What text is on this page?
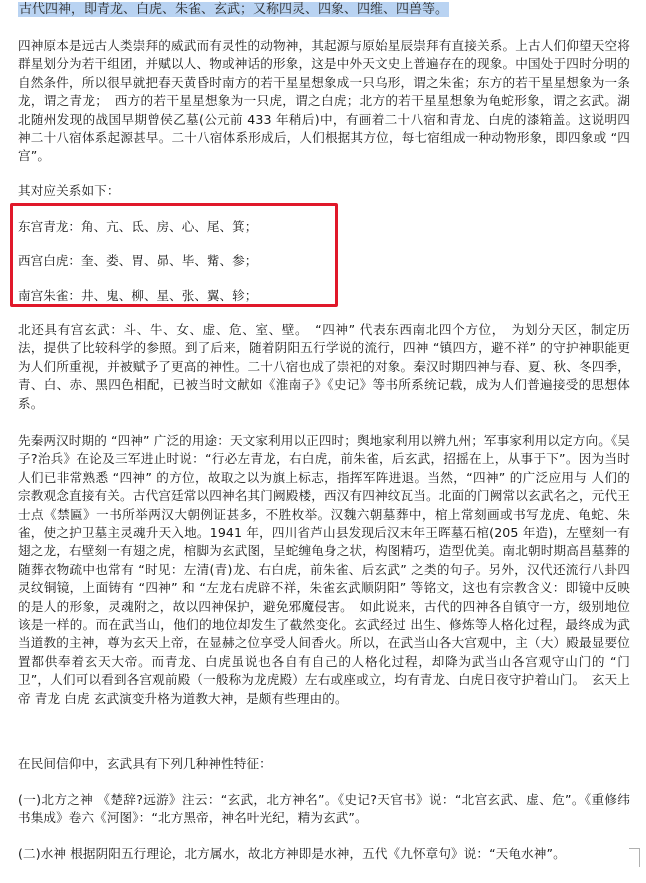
古代四神，即青龙、白虎、朱雀、玄武；又称四灵、四象、四维、四兽等。

四神原本是远古人类崇拜的威武而有灵性的动物神，其起源与原始星辰崇拜有直接关系。上古人们仰望天空将群星划分为若干组团，并赋以人、物或神话的形象，这是中外天文史上普遍存在的现象。中国处于四时分明的自然条件，所以很早就把春天黄昏时南方的若干星星想象成一只乌形，谓之朱雀；东方的若干星星想象为一条龙，谓之青龙；　西方的若干星星想象为一只虎，谓之白虎；北方的若干星星想象为龟蛇形象，谓之玄武。湖北随州发现的战国早期曾侯乙墓(公元前 433 年稍后)中，有画着二十八宿和青龙、白虎的漆箱盖。这说明四神二十八宿体系起源甚早。二十八宿体系形成后，人们根据其方位，每七宿组成一种动物形象，即四象或 “四宫”。

其对应关系如下：

东宫青龙：角、亢、氐、房、心、尾、箕；
西宫白虎：奎、娄、胃、昴、毕、觜、参；
南宫朱雀：井、鬼、柳、星、张、翼、轸；

北还具有宫玄武：斗、牛、女、虚、危、室、壁。　“四神” 代表东西南北四个方位，　为划分天区，制定历法，提供了比较科学的参照。到了后来，随着阴阳五行学说的流行，四神 “镇四方，避不祥” 的守护神职能更为人们所重视，并被赋予了更高的神性。二十八宿也成了崇祀的对象。秦汉时期四神与春、夏、秋、冬四季，青、白、赤、黑四色相配，已被当时文献如《淮南子》《史记》等书所系统记载，成为人们普遍接受的思想体系。

先秦两汉时期的 “四神” 广泛的用途：天文家利用以正四时；舆地家利用以辨九州；军事家利用以定方向。《吴子?治兵》在论及三军进止时说：“行必左青龙，右白虎，前朱雀，后玄武，招摇在上，从事于下”。因为当时人们已非常熟悉 “四神” 的方位，故取之以为旗上标志，指挥军阵进退。当然，“四神” 的广泛应用与 人们的宗教观念直接有关。古代宫廷常以四神名其门阙殿楼，西汉有四神纹瓦当。北面的门阙常以玄武名之，元代王士点《禁匾》一书所举两汉大朝例证甚多，不胜枚举。汉魏六朝墓葬中，棺上常刻画或书写龙虎、龟蛇、朱雀，使之护卫墓主灵魂升天入地。1941 年，四川省芦山县发现后汉末年王晖墓石棺(205 年造)，左壁刻一有翅之龙，右壁刻一有翅之虎，棺脚为玄武图，呈蛇缠龟身之状，构图精巧，造型优美。南北朝时期高昌墓葬的随葬衣物疏中也常有 “时见：左清(青)龙、右白虎，前朱雀、后玄武” 之类的句子。另外，汉代还流行八卦四灵纹铜镜，上面铸有 “四神” 和 “左龙右虎辟不祥，朱雀玄武顺阴阳” 等铭文，这也有宗教含义：即镜中反映的是人的形象，灵魂附之，故以四神保护，避免邪魔侵害。　如此说来，古代的四神各自镇守一方，级别地位该是一样的。而在武当山，他们的地位却发生了截然变化。玄武经过 出生、修炼等人格化过程，最终成为武当道教的主神，尊为玄天上帝，在显赫之位享受人间香火。所以，在武当山各大宫观中，主（大）殿最显要位置都供奉着玄天大帝。而青龙、白虎虽说也各自有自己的人格化过程，却降为武当山各宫观守山门的 “门卫”，人们可以看到各宫观前殿（一般称为龙虎殿）左右或座或立，均有青龙、白虎日夜守护着山门。　玄天上帝 青龙 白虎 玄武演变升格为道教大神，是颇有些理由的。

在民间信仰中，玄武具有下列几种神性特征：

(一)北方之神 《楚辞?远游》注云：“玄武，北方神名”。《史记?天官书》说：“北宫玄武、虚、危”。《重修纬书集成》卷六《河图》：“北方黑帝，神名叶光纪，精为玄武”。

(二)水神 根据阴阳五行理论，北方属水，故北方神即是水神，五代《九怀章句》说：“天龟水神”。
